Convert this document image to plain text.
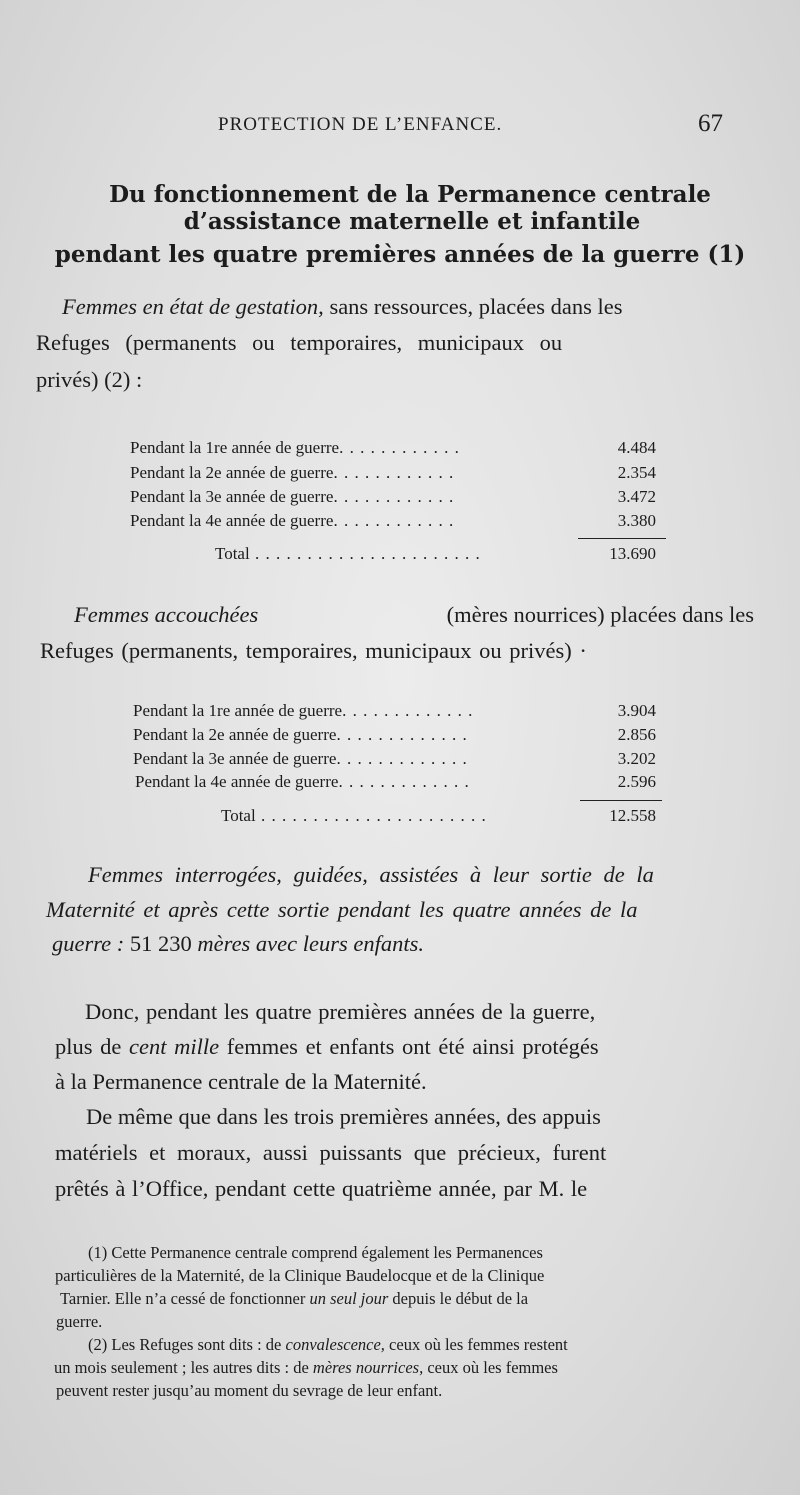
PROTECTION DE L’ENFANCE.	67
Du fonctionnement de la Permanence centrale
d’assistance maternelle et infantile
pendant les quatre premières années de la guerre (1)
Femmes en état de gestation, sans ressources, placées dans les
Refuges (permanents ou temporaires, municipaux ou
privés) (2) :
Pendant la 1re année de guerre. . . . . . . . . . . .	4.484
Pendant la 2e année de guerre. . . . . . . . . . . .	2.354
Pendant la 3e année de guerre. . . . . . . . . . . .	3.472
Pendant la 4e année de guerre. . . . . . . . . . . .	3.380
Total . . . . . . . . . . . . . . . . . . . . . .	13.690
Femmes accouchées	(mères nourrices) placées dans les
Refuges (permanents, temporaires, municipaux ou privés) ·
Pendant la 1re année de guerre. . . . . . . . . . . . .	3.904
Pendant la 2e année de guerre. . . . . . . . . . . . .	2.856
Pendant la 3e année de guerre. . . . . . . . . . . . .	3.202
Pendant la 4e année de guerre. . . . . . . . . . . . .	2.596
Total . . . . . . . . . . . . . . . . . . . . . .	12.558
Femmes interrogées, guidées, assistées à leur sortie de la
Maternité et après cette sortie pendant les quatre années de la
guerre : 51 230 mères avec leurs enfants.
Donc, pendant les quatre premières années de la guerre,
plus de cent mille femmes et enfants ont été ainsi protégés
à la Permanence centrale de la Maternité.
De même que dans les trois premières années, des appuis
matériels et moraux, aussi puissants que précieux, furent
prêtés à l’Office, pendant cette quatrième année, par M. le
(1) Cette Permanence centrale comprend également les Permanences
particulières de la Maternité, de la Clinique Baudelocque et de la Clinique
Tarnier. Elle n’a cessé de fonctionner un seul jour depuis le début de la
guerre.
(2) Les Refuges sont dits : de convalescence, ceux où les femmes restent
un mois seulement ; les autres dits : de mères nourrices, ceux où les femmes
peuvent rester jusqu’au moment du sevrage de leur enfant.
